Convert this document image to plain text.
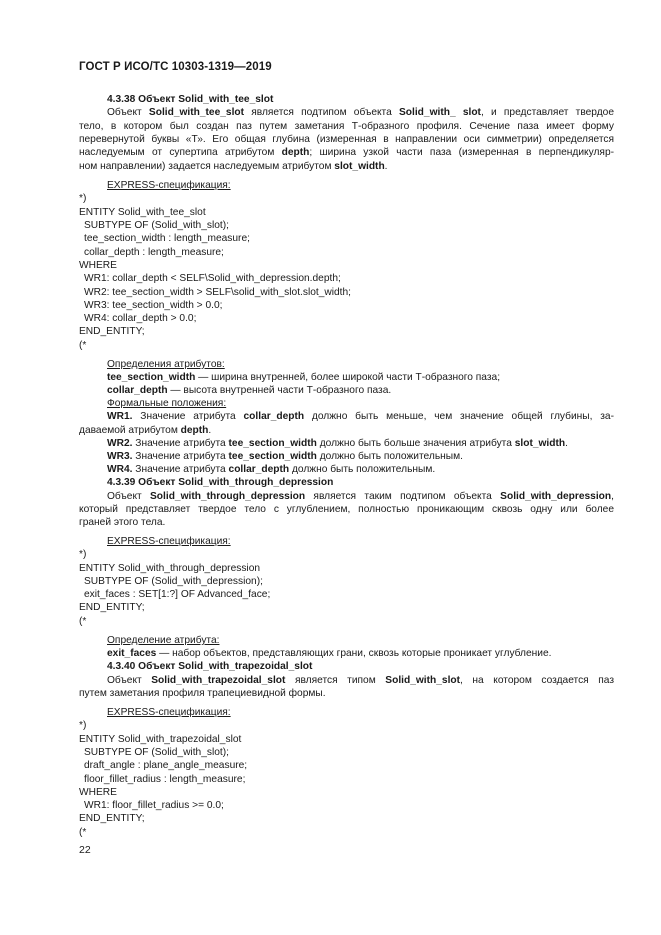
ГОСТ Р ИСО/ТС 10303-1319—2019
4.3.38 Объект Solid_with_tee_slot
Объект Solid_with_tee_slot является подтипом объекта Solid_with_ slot, и представляет твердое
тело, в котором был создан паз путем заметания Т-образного профиля. Сечение паза имеет форму
перевернутой буквы «Т». Его общая глубина (измеренная в направлении оси симметрии) определяется
наследуемым от супертипа атрибутом depth; ширина узкой части паза (измеренная в перпендикуляр-
ном направлении) задается наследуемым атрибутом slot_width.
EXPRESS-спецификация:
*)
ENTITY Solid_with_tee_slot
SUBTYPE OF (Solid_with_slot);
tee_section_width : length_measure;
collar_depth : length_measure;
WHERE
WR1: collar_depth < SELF\Solid_with_depression.depth;
WR2: tee_section_width > SELF\solid_with_slot.slot_width;
WR3: tee_section_width > 0.0;
WR4: collar_depth > 0.0;
END_ENTITY;
(*
Определения атрибутов:
tee_section_width — ширина внутренней, более широкой части Т-образного паза;
collar_depth — высота внутренней части Т-образного паза.
Формальные положения:
WR1. Значение атрибута collar_depth должно быть меньше, чем значение общей глубины, за-
даваемой атрибутом depth.
WR2. Значение атрибута tee_section_width должно быть больше значения атрибута slot_width.
WR3. Значение атрибута tee_section_width должно быть положительным.
WR4. Значение атрибута collar_depth должно быть положительным.
4.3.39 Объект Solid_with_through_depression
Объект Solid_with_through_depression является таким подтипом объекта Solid_with_depression,
который представляет твердое тело с углублением, полностью проникающим сквозь одну или более
граней этого тела.
EXPRESS-спецификация:
*)
ENTITY Solid_with_through_depression
SUBTYPE OF (Solid_with_depression);
exit_faces : SET[1:?] OF Advanced_face;
END_ENTITY;
(*
Определение атрибута:
exit_faces — набор объектов, представляющих грани, сквозь которые проникает углубление.
4.3.40 Объект Solid_with_trapezoidal_slot
Объект Solid_with_trapezoidal_slot является типом Solid_with_slot, на котором создается паз
путем заметания профиля трапециевидной формы.
EXPRESS-спецификация:
*)
ENTITY Solid_with_trapezoidal_slot
SUBTYPE OF (Solid_with_slot);
draft_angle : plane_angle_measure;
floor_fillet_radius : length_measure;
WHERE
WR1: floor_fillet_radius >= 0.0;
END_ENTITY;
(*
22
